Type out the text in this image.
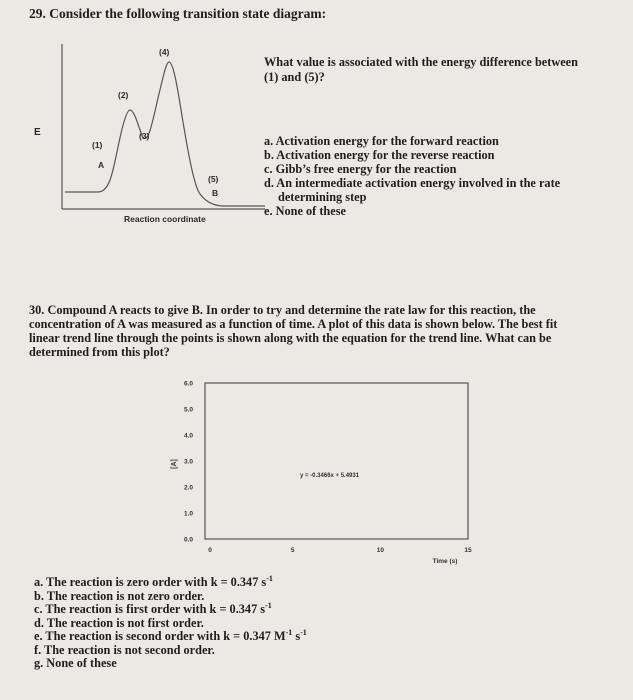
29. Consider the following transition state diagram:
E
(1)
A
(2)
(3)
(4)
(5)
B
Reaction coordinate
What value is associated with the energy difference between
(1) and (5)?
a. Activation energy for the forward reaction
b. Activation energy for the reverse reaction
c. Gibb’s free energy for the reaction
d. An intermediate activation energy involved in the rate
determining step
e. None of these
30. Compound A reacts to give B. In order to try and determine the rate law for this reaction, the
concentration of A was measured as a function of time. A plot of this data is shown below. The best fit
linear trend line through the points is shown along with the equation for the trend line. What can be
determined from this plot?
0.0
1.0
2.0
3.0
4.0
5.0
6.0
0	5	10	15
[A]
Time (s)
y = -0.3466x + 5.4931
a. The reaction is zero order with k = 0.347 $s^{-1}$
b. The reaction is not zero order.
c. The reaction is first order with k = 0.347 $s^{-1}$
d. The reaction is not first order.
e. The reaction is second order with k = 0.347 $M^{-1}$ $s^{-1}$
f. The reaction is not second order.
g. None of these
